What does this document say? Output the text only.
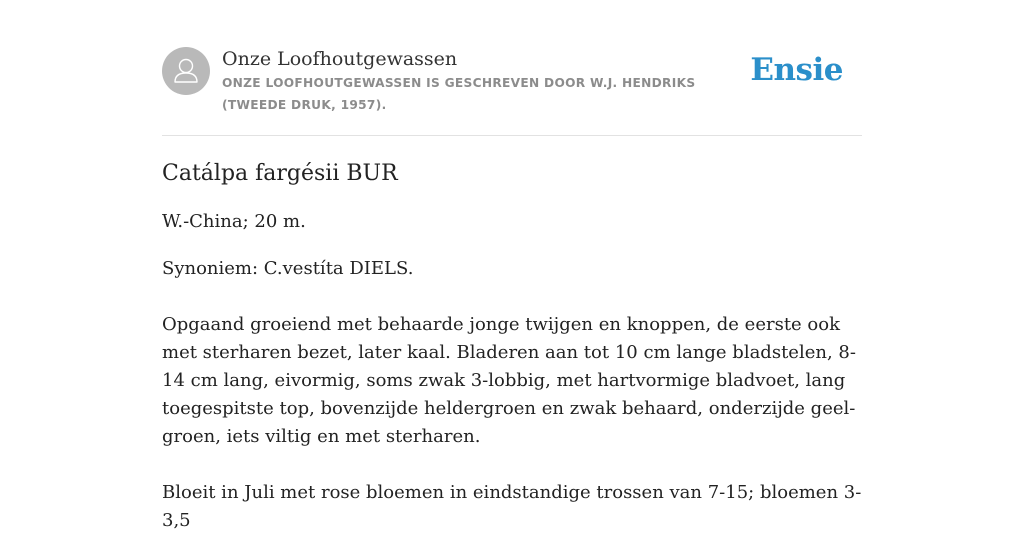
Onze Loofhoutgewassen
ONZE LOOFHOUTGEWASSEN IS GESCHREVEN DOOR W.J. HENDRIKS (TWEEDE DRUK, 1957).
Ensie
Catálpa fargésii BUR

W.-China; 20 m.

Synoniem: C.vestíta DIELS.

Opgaand groeiend met behaarde jonge twijgen en knoppen, de eerste ook met sterharen bezet, later kaal. Bladeren aan tot 10 cm lange bladstelen, 8-14 cm lang, eivormig, soms zwak 3-lobbig, met hartvormige bladvoet, lang toegespitste top, bovenzijde heldergroen en zwak behaard, onderzijde geel-groen, iets viltig en met sterharen.

Bloeit in Juli met rose bloemen in eindstandige trossen van 7-15; bloemen 3-3,5
